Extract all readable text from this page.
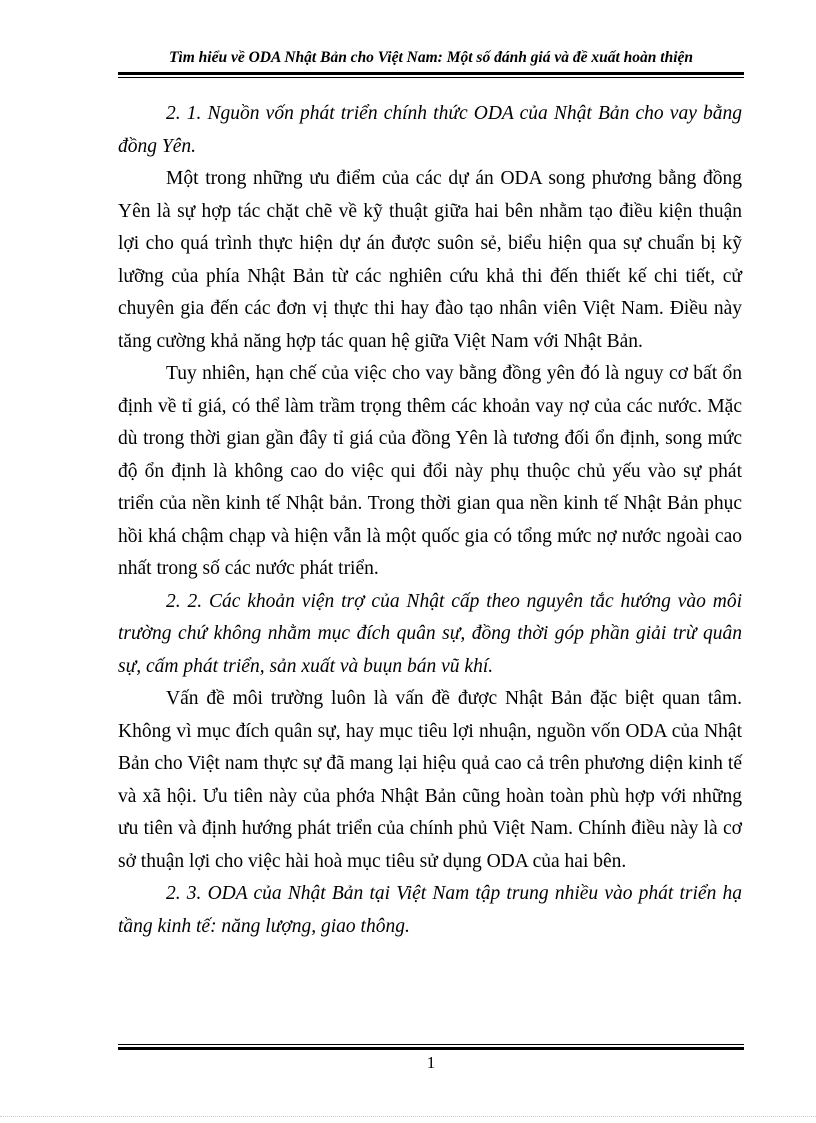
Tìm hiểu về ODA Nhật Bản cho Việt Nam: Một số đánh giá và đề xuất hoàn thiện

2. 1. Nguồn vốn phát triển chính thức ODA của Nhật Bản cho vay bằng đồng Yên.

Một trong những ưu điểm của các dự án ODA song phương bằng đồng Yên là sự hợp tác chặt chẽ về kỹ thuật giữa hai bên nhằm tạo điều kiện thuận lợi cho quá trình thực hiện dự án được suôn sẻ, biểu hiện qua sự chuẩn bị kỹ lưỡng của phía Nhật Bản từ các nghiên cứu khả thi đến thiết kế chi tiết, cử chuyên gia đến các đơn vị thực thi hay đào tạo nhân viên Việt Nam. Điều này tăng cường khả năng hợp tác quan hệ giữa Việt Nam với Nhật Bản.

Tuy nhiên, hạn chế của việc cho vay bằng đồng yên đó là nguy cơ bất ổn định về tỉ giá, có thể làm trầm trọng thêm các khoản vay nợ của các nước. Mặc dù trong thời gian gần đây tỉ giá của đồng Yên là tương đối ổn định, song mức độ ổn định là không cao do việc qui đổi này phụ thuộc chủ yếu vào sự phát triển của nền kinh tế Nhật bản. Trong thời gian qua nền kinh tế Nhật Bản phục hồi khá chậm chạp và hiện vẫn là một quốc gia có tổng mức nợ nước ngoài cao nhất trong số các nước phát triển.

2. 2. Các khoản viện trợ của Nhật cấp theo nguyên tắc hướng vào môi trường chứ không nhằm mục đích quân sự, đồng thời góp phần giải trừ quân sự, cấm phát triển, sản xuất và buụn bán vũ khí.

Vấn đề môi trường luôn là vấn đề được Nhật Bản đặc biệt quan tâm. Không vì mục đích quân sự, hay mục tiêu lợi nhuận, nguồn vốn ODA của Nhật Bản cho Việt nam thực sự đã mang lại hiệu quả cao cả trên phương diện kinh tế và xã hội. Ưu tiên này của phớa Nhật Bản cũng hoàn toàn phù hợp với những ưu tiên và định hướng phát triển của chính phủ Việt Nam. Chính điều này là cơ sở thuận lợi cho việc hài hoà mục tiêu sử dụng ODA của hai bên.

2. 3. ODA của Nhật Bản tại Việt Nam tập trung nhiều vào phát triển hạ tầng kinh tế: năng lượng, giao thông.

1
